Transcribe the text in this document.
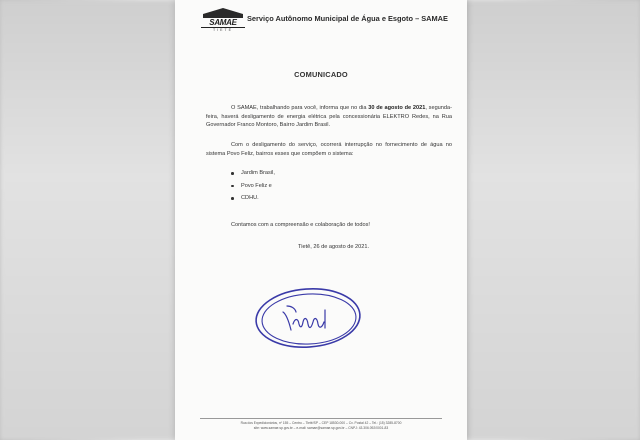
SAMAE
TIETÊ
Serviço Autônomo Municipal de Água e Esgoto – SAMAE
COMUNICADO
O SAMAE, trabalhando para você, informa que no dia 30 de agosto de 2021, segunda-feira, haverá desligamento de energia elétrica pela concessionária ELEKTRO Redes, na Rua Governador Franco Montoro, Bairro Jardim Brasil.
Com o desligamento do serviço, ocorrerá interrupção no fornecimento de água no sistema Povo Feliz, bairros esses que compõem o sistema:
Jardim Brasil,
Povo Feliz e
CDHU.
Contamos com a compreensão e colaboração de todos!
Tietê, 26 de agosto de 2021.
Rua dos Expedicionários, nº 155 – Centro – Tietê/SP – CEP 18530-000 – Cx. Postal 42 – Tel.: (15) 3285-8700
site: www.samae.sp.gov.br – e-mail: samae@samae.sp.gov.br – CNPJ: 43.306.092/0001-83
